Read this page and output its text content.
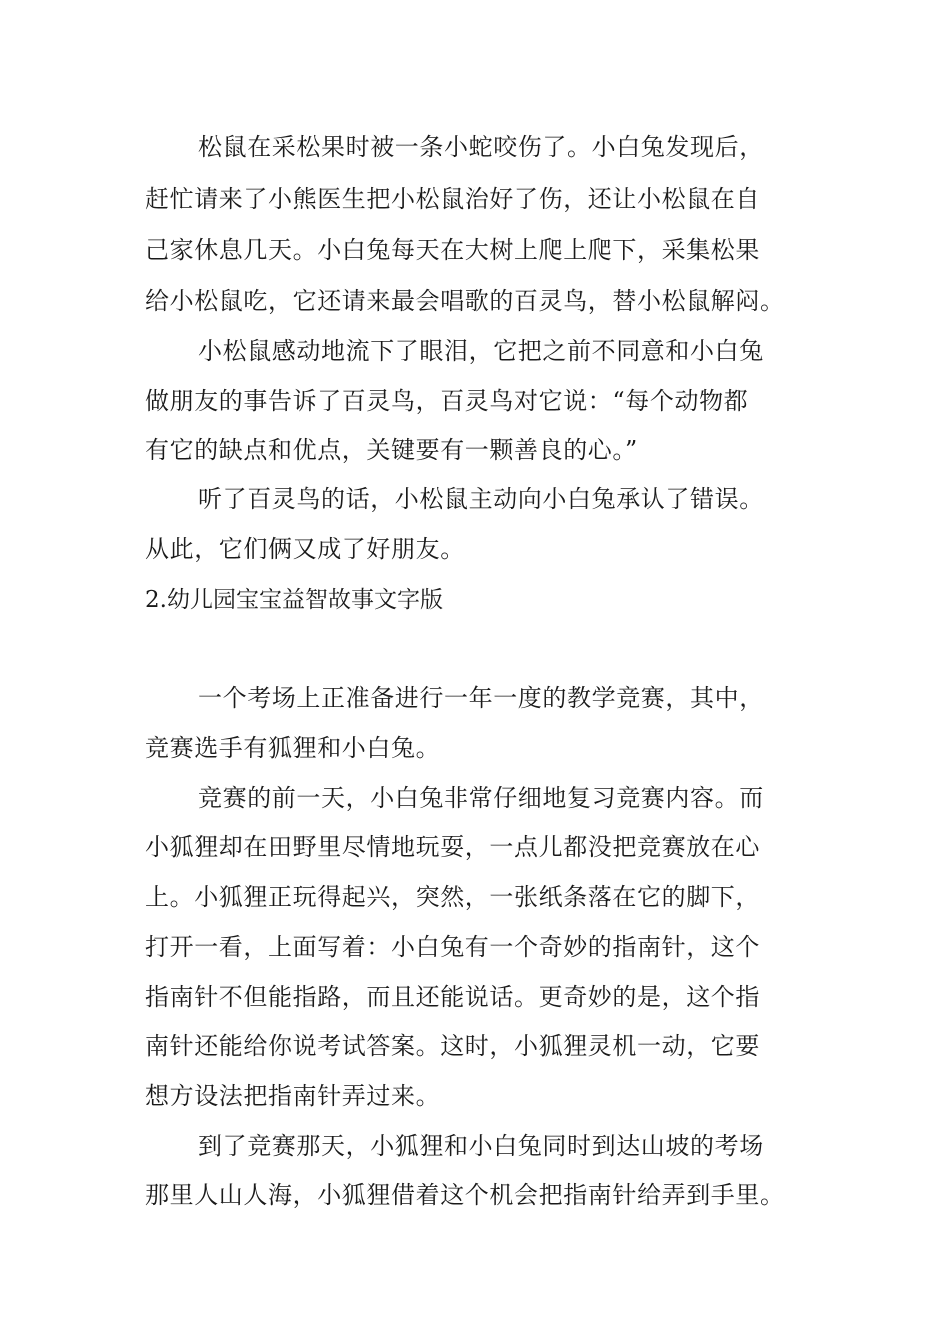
松鼠在采松果时被一条小蛇咬伤了。小白兔发现后，
赶忙请来了小熊医生把小松鼠治好了伤，还让小松鼠在自
己家休息几天。小白兔每天在大树上爬上爬下，采集松果
给小松鼠吃，它还请来最会唱歌的百灵鸟，替小松鼠解闷。
小松鼠感动地流下了眼泪，它把之前不同意和小白兔
做朋友的事告诉了百灵鸟，百灵鸟对它说：“每个动物都
有它的缺点和优点，关键要有一颗善良的心。”
听了百灵鸟的话，小松鼠主动向小白兔承认了错误。
从此，它们俩又成了好朋友。
2.幼儿园宝宝益智故事文字版
一个考场上正准备进行一年一度的教学竞赛，其中，
竞赛选手有狐狸和小白兔。
竞赛的前一天，小白兔非常仔细地复习竞赛内容。而
小狐狸却在田野里尽情地玩耍，一点儿都没把竞赛放在心
上。小狐狸正玩得起兴，突然，一张纸条落在它的脚下，
打开一看，上面写着：小白兔有一个奇妙的指南针，这个
指南针不但能指路，而且还能说话。更奇妙的是，这个指
南针还能给你说考试答案。这时，小狐狸灵机一动，它要
想方设法把指南针弄过来。
到了竞赛那天，小狐狸和小白兔同时到达山坡的考场
那里人山人海，小狐狸借着这个机会把指南针给弄到手里。
